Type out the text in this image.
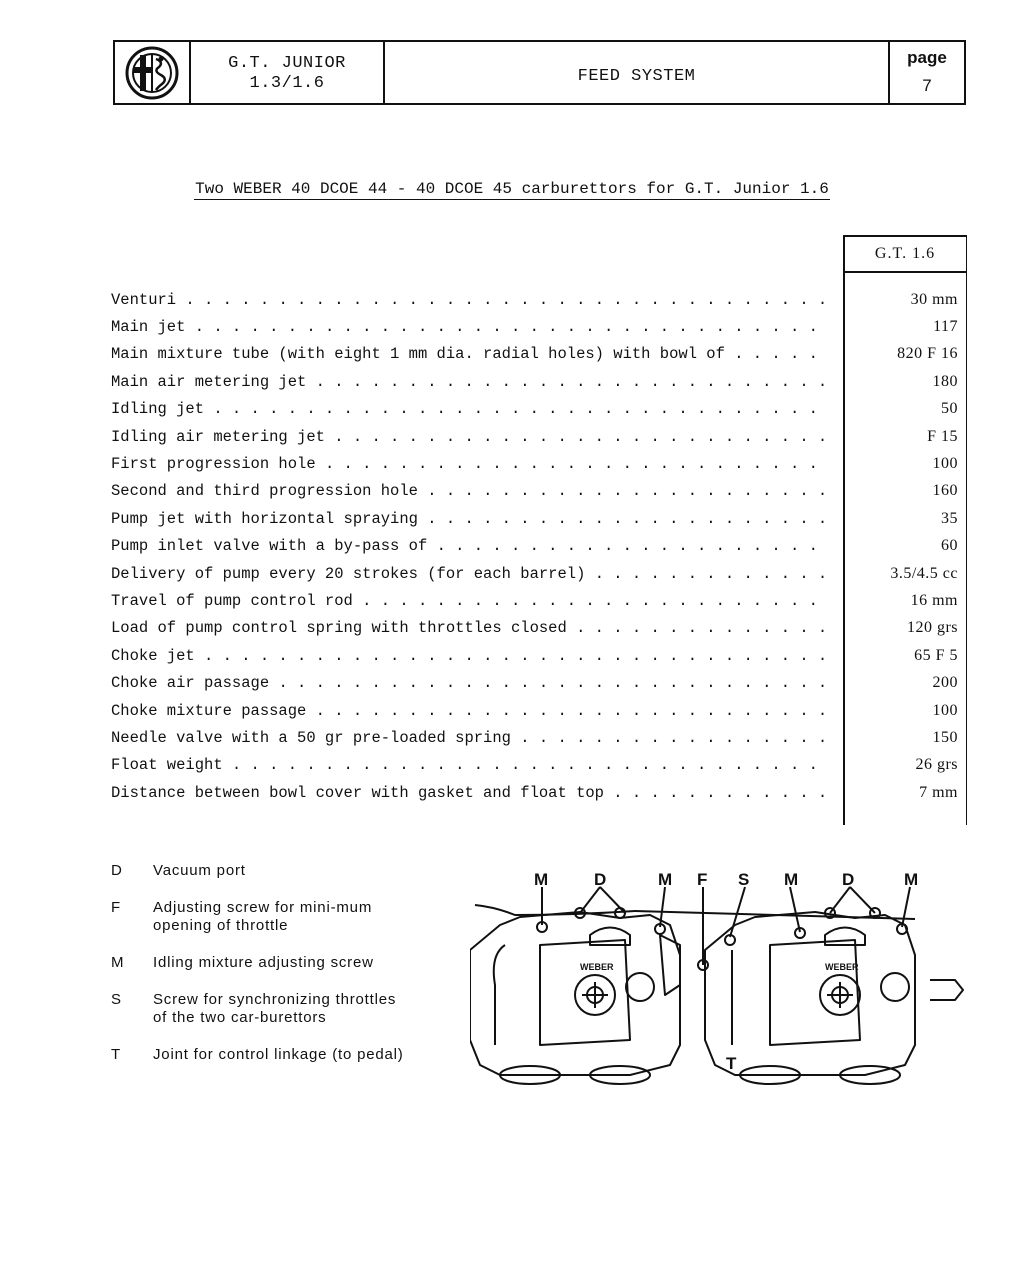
G.T. JUNIOR
1.3/1.6	FEED SYSTEM
page
7
Two WEBER 40 DCOE 44 - 40 DCOE 45 carburettors for G.T. Junior 1.6
G.T. 1.6
Venturi . . .	30 mm
Main jet . . .	117
Main mixture tube (with eight 1 mm dia. radial holes) with bowl of . . .	820 F 16
Main air metering jet . . .	180
Idling jet . . .	50
Idling air metering jet . . .	F 15
First progression hole . . .	100
Second and third progression hole . . .	160
Pump jet with horizontal spraying . . .	35
Pump inlet valve with a by-pass of . . .	60
Delivery of pump every 20 strokes (for each barrel) . . .	3.5/4.5 cc
Travel of pump control rod . . .	16 mm
Load of pump control spring with throttles closed . . .	120 grs
Choke jet . . .	65 F 5
Choke air passage . . .	200
Choke mixture passage . . .	100
Needle valve with a 50 gr pre-loaded spring . . .	150
Float weight . . .	26 grs
Distance between bowl cover with gasket and float top . . .	7 mm
D	Vacuum port
F	Adjusting screw for mini-mum opening of throttle
M	Idling mixture adjusting screw
S	Screw for synchronizing throttles of the two car-burettors
T	Joint for control linkage (to pedal)
M	D	M F S M	D	M
T
WEBER	WEBER
